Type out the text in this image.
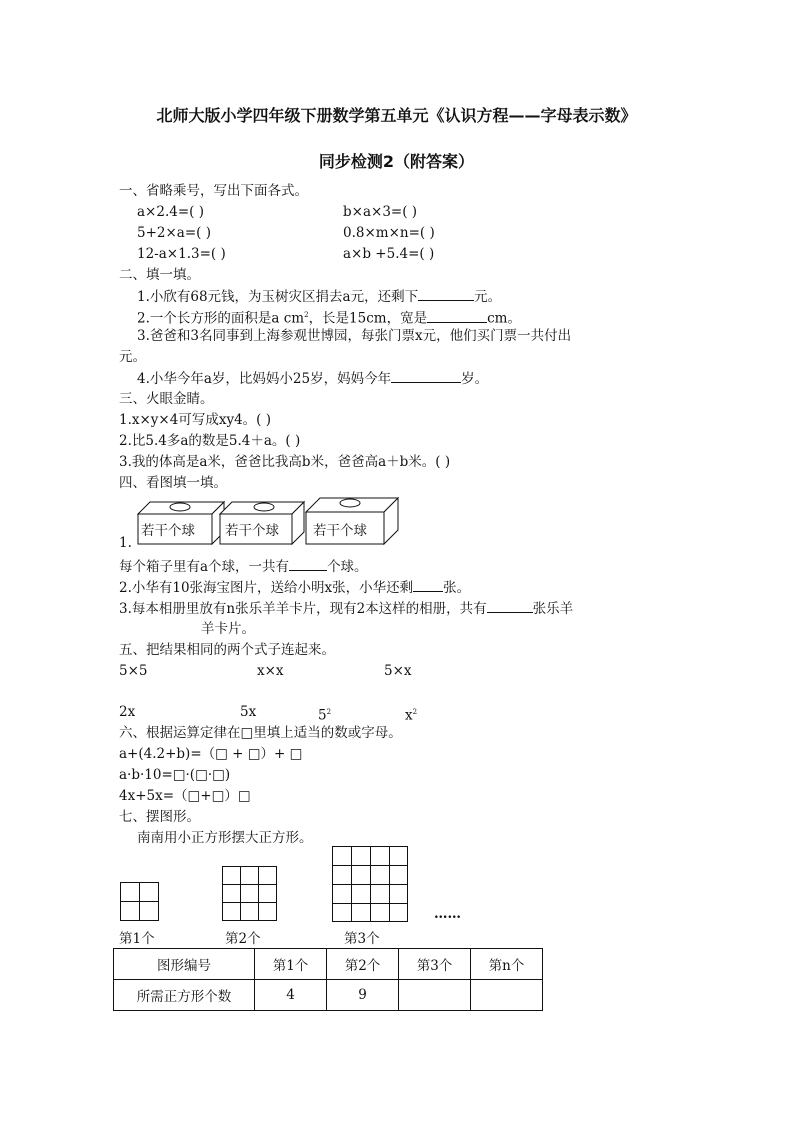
北师大版小学四年级下册数学第五单元《认识方程——字母表示数》
同步检测2（附答案）
一、省略乘号，写出下面各式。
a×2.4=( )	b×a×3=( )
5+2×a=( )	0.8×m×n=( )
12-a×1.3=( )	a×b +5.4=( )
二、填一填。
1.小欣有68元钱，为玉树灾区捐去a元，还剩下	元。
2.一个长方形的面积是a $cm^2$，长是15cm，宽是	cm。
3.爸爸和3名同事到上海参观世博园，每张门票x元，他们买门票一共付出
元。
4.小华今年a岁，比妈妈小25岁，妈妈今年	岁。
三、火眼金睛。
1.x×y×4可写成xy4。( )
2.比5.4多a的数是5.4＋a。( )
3.我的体高是a米，爸爸比我高b米，爸爸高a＋b米。( )
四、看图填一填。
若干个球 若干个球	若干个球
1.
每个箱子里有a个球，一共有	个球。
2.小华有10张海宝图片，送给小明x张，小华还剩 张。
3.每本相册里放有n张乐羊羊卡片，现有2本这样的相册，共有	张乐羊
羊卡片。
五、把结果相同的两个式子连起来。
5×5	x×x	5×x
2x	5x	$5^2$	$x^2$
六、根据运算定律在□里填上适当的数或字母。
a+(4.2+b)=（□ + □）+ □
a·b·10=□·(□·□)
4x+5x=（□+□）□
七、摆图形。
南南用小正方形摆大正方形。
……
第1个	第2个	第3个
图形编号	第1个	第2个	第3个	第n个
所需正方形个数	4	9		
